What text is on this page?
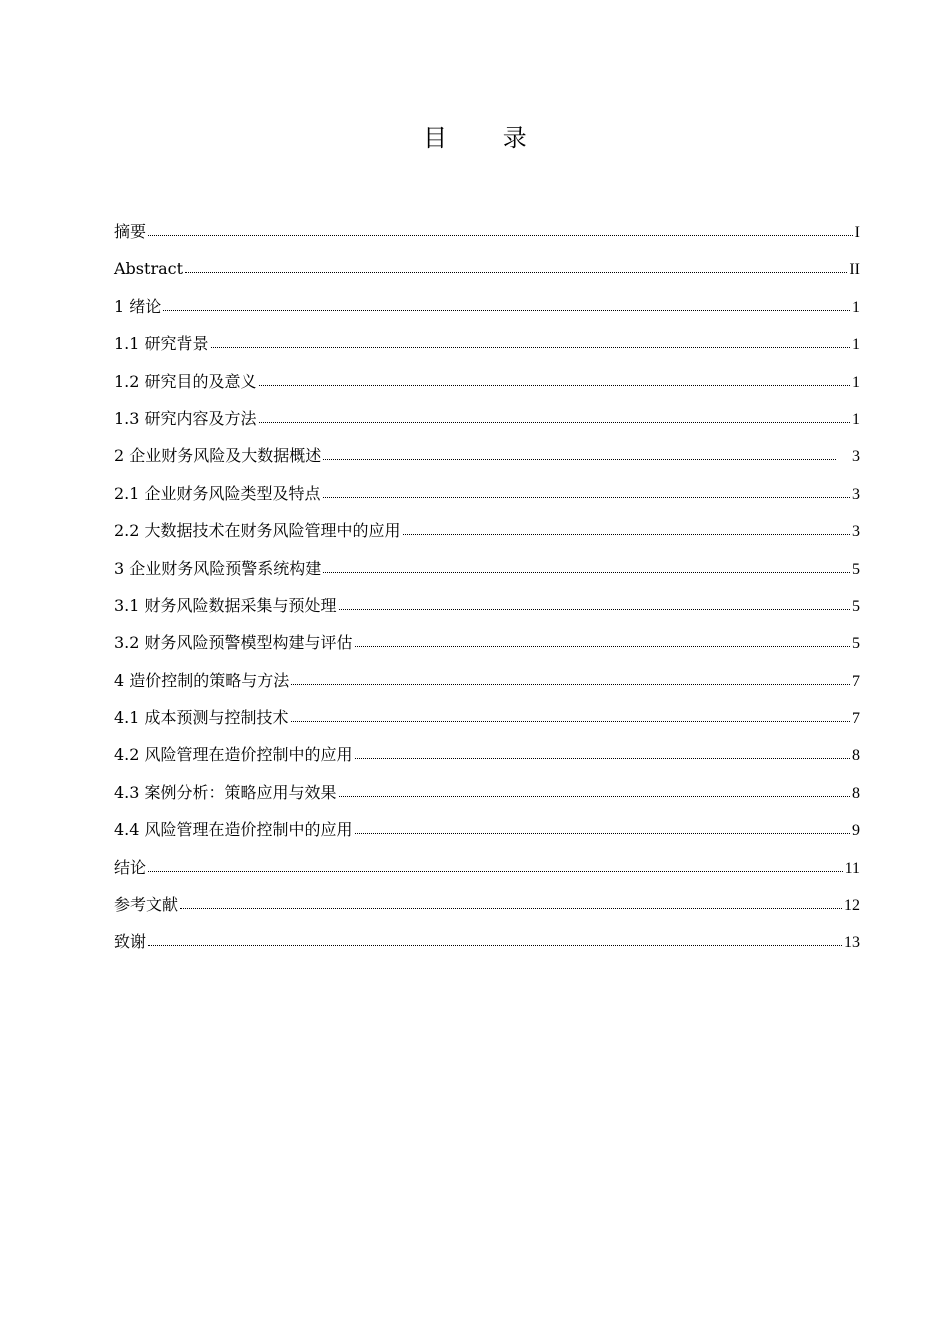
目 录
摘要	I
Abstract	II
1 绪论	1
1.1 研究背景	1
1.2 研究目的及意义	1
1.3 研究内容及方法	1
2 企业财务风险及大数据概述	3
2.1 企业财务风险类型及特点	3
2.2 大数据技术在财务风险管理中的应用	3
3 企业财务风险预警系统构建	5
3.1 财务风险数据采集与预处理	5
3.2 财务风险预警模型构建与评估	5
4 造价控制的策略与方法	7
4.1 成本预测与控制技术	7
4.2 风险管理在造价控制中的应用	8
4.3 案例分析：策略应用与效果	8
4.4 风险管理在造价控制中的应用	9
结论	11
参考文献	12
致谢	13
